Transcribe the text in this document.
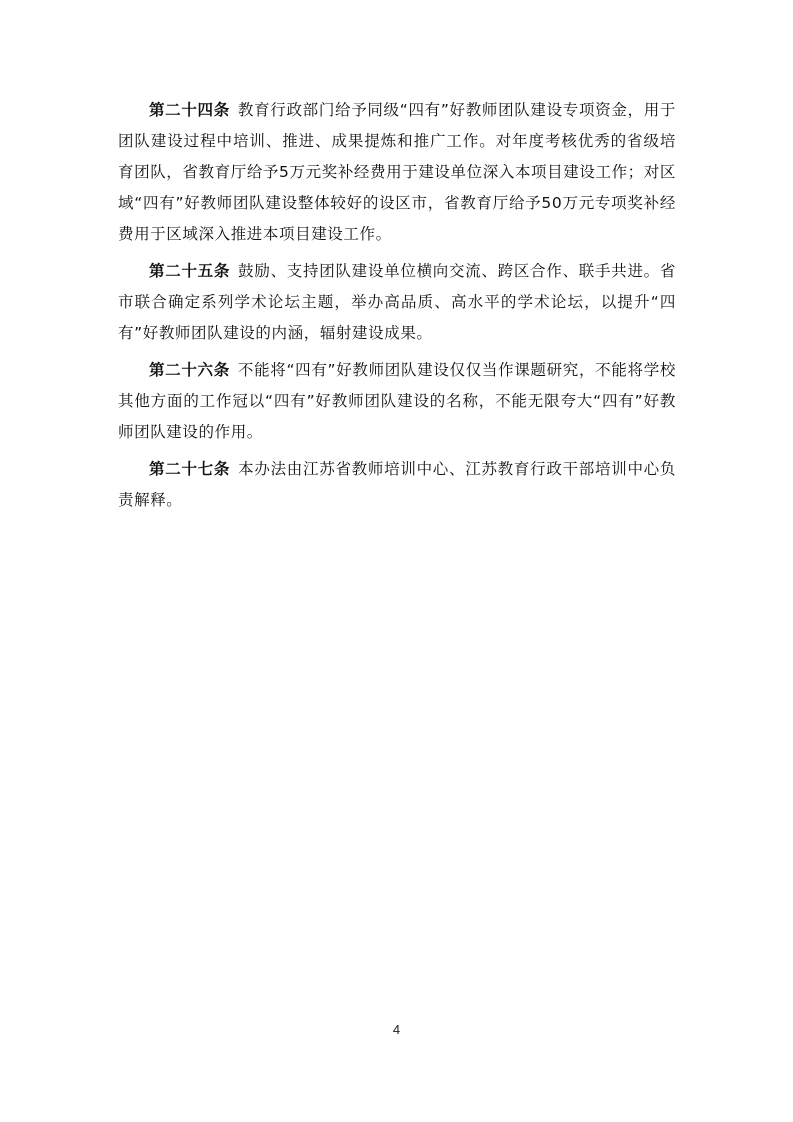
第二十四条 教育行政部门给予同级“四有”好教师团队建设专项资金，用于团队建设过程中培训、推进、成果提炼和推广工作。对年度考核优秀的省级培育团队，省教育厅给予5万元奖补经费用于建设单位深入本项目建设工作；对区域“四有”好教师团队建设整体较好的设区市，省教育厅给予50万元专项奖补经费用于区域深入推进本项目建设工作。

第二十五条 鼓励、支持团队建设单位横向交流、跨区合作、联手共进。省市联合确定系列学术论坛主题，举办高品质、高水平的学术论坛，以提升“四有”好教师团队建设的内涵，辐射建设成果。

第二十六条 不能将“四有”好教师团队建设仅仅当作课题研究，不能将学校其他方面的工作冠以“四有”好教师团队建设的名称，不能无限夸大“四有”好教师团队建设的作用。

第二十七条 本办法由江苏省教师培训中心、江苏教育行政干部培训中心负责解释。

4
